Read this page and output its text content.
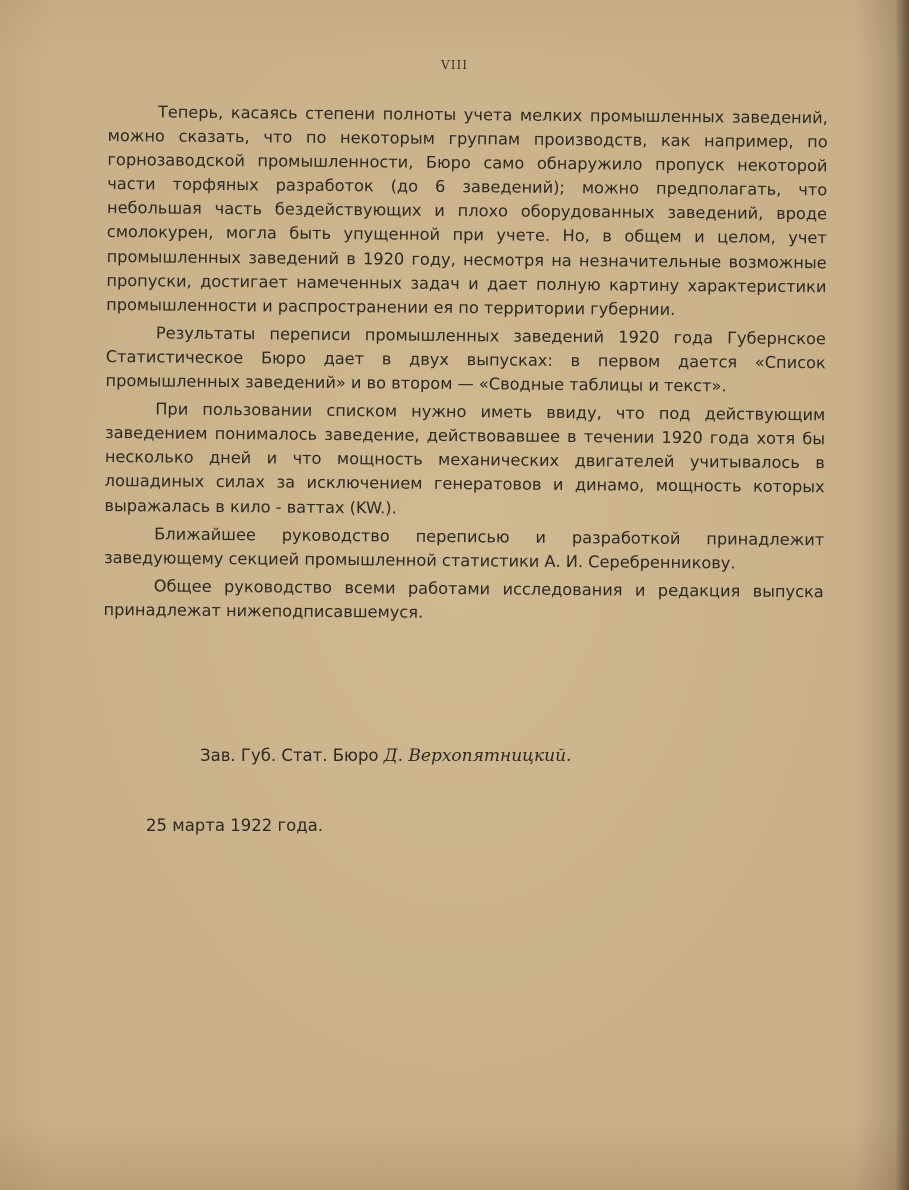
VIII

Теперь, касаясь степени полноты учета мелких промышленных заведений, можно сказать, что по некоторым группам производств, как например, по горнозаводской промышленности, Бюро само обнаружило пропуск некоторой части торфяных разработок (до 6 заведений); можно предполагать, что небольшая часть бездействующих и плохо оборудованных заведений, вроде смолокурен, могла быть упущенной при учете. Но, в общем и целом, учет промышленных заведений в 1920 году, несмотря на незначительные возможные пропуски, достигает намеченных задач и дает полную картину характеристики промышленности и распространении ея по территории губернии.

Результаты переписи промышленных заведений 1920 года Губернское Статистическое Бюро дает в двух выпусках: в первом дается «Список промышленных заведений» и во втором — «Сводные таблицы и текст».

При пользовании списком нужно иметь ввиду, что под действующим заведением понималось заведение, действовавшее в течении 1920 года хотя бы несколько дней и что мощность механических двигателей учитывалось в лошадиных силах за исключением генератовов и динамо, мощность которых выражалась в кило - ваттах (KW.).

Ближайшее руководство переписью и разработкой принадлежит заведующему секцией промышленной статистики А. И. Серебренникову.

Общее руководство всеми работами исследования и редакция выпуска принадлежат нижеподписавшемуся.

Зав. Губ. Стат. Бюро Д. Верхопятницкий.
25 марта 1922 года.
